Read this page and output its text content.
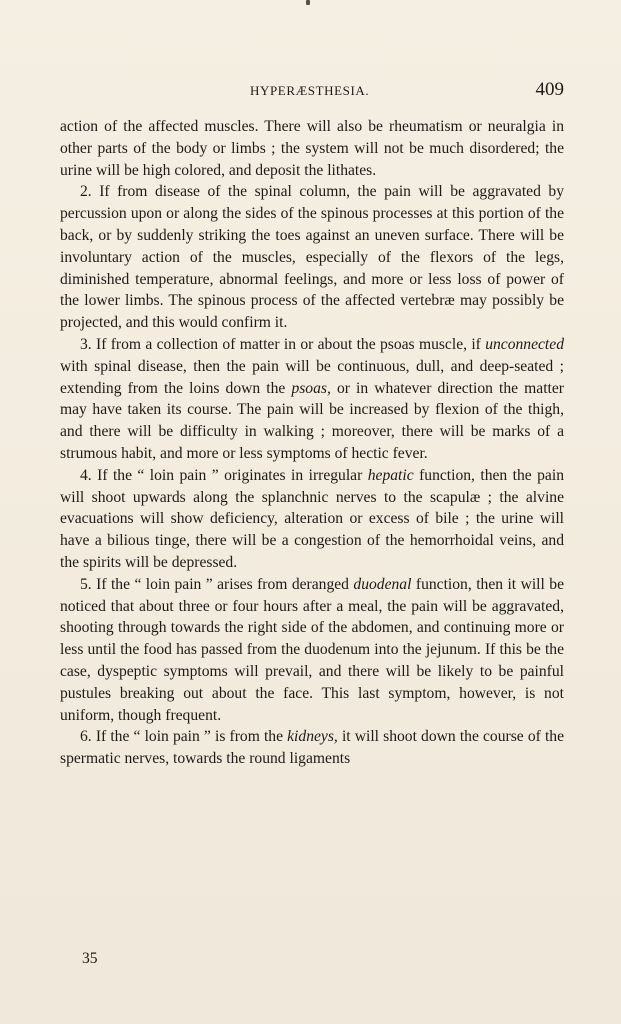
HYPERÆSTHESIA.	409

action of the affected muscles. There will also be rheumatism or neuralgia in other parts of the body or limbs ; the system will not be much disordered; the urine will be high colored, and deposit the lithates.

2. If from disease of the spinal column, the pain will be aggravated by percussion upon or along the sides of the spinous processes at this portion of the back, or by suddenly striking the toes against an uneven surface. There will be involuntary action of the muscles, especially of the flexors of the legs, diminished temperature, abnormal feelings, and more or less loss of power of the lower limbs. The spinous process of the affected vertebræ may possibly be projected, and this would confirm it.

3. If from a collection of matter in or about the psoas muscle, if unconnected with spinal disease, then the pain will be continuous, dull, and deep-seated ; extending from the loins down the psoas, or in whatever direction the matter may have taken its course. The pain will be increased by flexion of the thigh, and there will be difficulty in walking ; moreover, there will be marks of a strumous habit, and more or less symptoms of hectic fever.

4. If the “ loin pain ” originates in irregular hepatic function, then the pain will shoot upwards along the splanchnic nerves to the scapulæ ; the alvine evacuations will show deficiency, alteration or excess of bile ; the urine will have a bilious tinge, there will be a congestion of the hemorrhoidal veins, and the spirits will be depressed.

5. If the “ loin pain ” arises from deranged duodenal function, then it will be noticed that about three or four hours after a meal, the pain will be aggravated, shooting through towards the right side of the abdomen, and continuing more or less until the food has passed from the duodenum into the jejunum. If this be the case, dyspeptic symptoms will prevail, and there will be likely to be painful pustules breaking out about the face. This last symptom, however, is not uniform, though frequent.

6. If the “ loin pain ” is from the kidneys, it will shoot down the course of the spermatic nerves, towards the round ligaments

35
